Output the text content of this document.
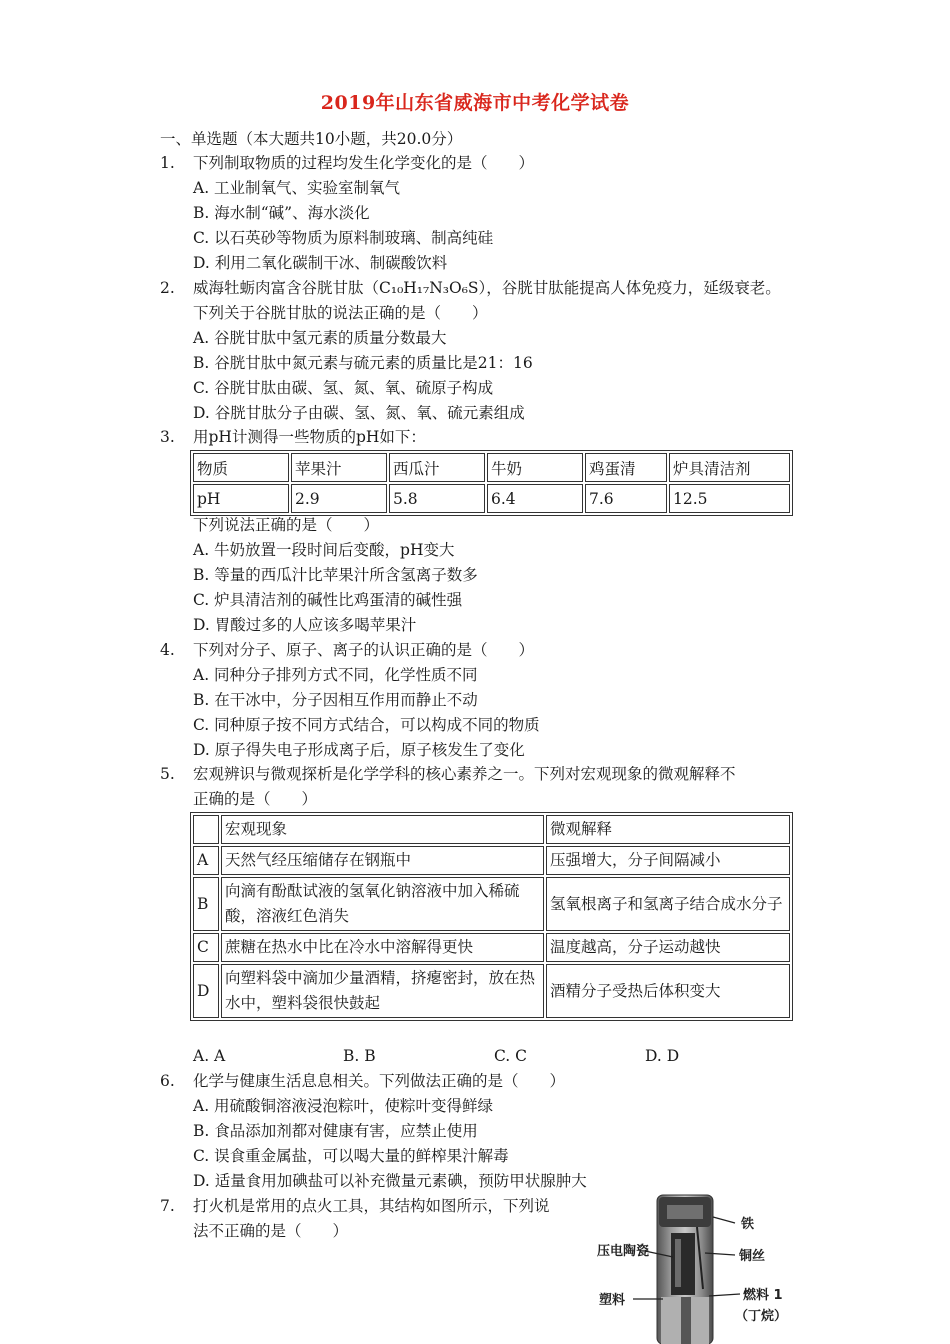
2019年山东省威海市中考化学试卷
一、单选题（本大题共10小题，共20.0分）
1. 下列制取物质的过程均发生化学变化的是（　　）
A. 工业制氧气、实验室制氧气
B. 海水制“碱”、海水淡化
C. 以石英砂等物质为原料制玻璃、制高纯硅
D. 利用二氧化碳制干冰、制碳酸饮料
2. 威海牡蛎肉富含谷胱甘肽（C₁₀H₁₇N₃O₆S），谷胱甘肽能提高人体免疫力，延级衰老。
下列关于谷胱甘肽的说法正确的是（　　）
A. 谷胱甘肽中氢元素的质量分数最大
B. 谷胱甘肽中氮元素与硫元素的质量比是21：16
C. 谷胱甘肽由碳、氢、氮、氧、硫原子构成
D. 谷胱甘肽分子由碳、氢、氮、氧、硫元素组成
3. 用pH计测得一些物质的pH如下：
物质	苹果汁	西瓜汁	牛奶	鸡蛋清	炉具清洁剂
pH	2.9	5.8	6.4	7.6	12.5
下列说法正确的是（　　）
A. 牛奶放置一段时间后变酸，pH变大
B. 等量的西瓜汁比苹果汁所含氢离子数多
C. 炉具清洁剂的碱性比鸡蛋清的碱性强
D. 胃酸过多的人应该多喝苹果汁
4. 下列对分子、原子、离子的认识正确的是（　　）
A. 同种分子排列方式不同，化学性质不同
B. 在干冰中，分子因相互作用而静止不动
C. 同种原子按不同方式结合，可以构成不同的物质
D. 原子得失电子形成离子后，原子核发生了变化
5. 宏观辨识与微观探析是化学学科的核心素养之一。下列对宏观现象的微观解释不
正确的是（　　）
	宏观现象	微观解释
A	天然气经压缩储存在钢瓶中	压强增大，分子间隔减小
B	向滴有酚酞试液的氢氧化钠溶液中加入稀硫酸，溶液红色消失	氢氧根离子和氢离子结合成水分子
C	蔗糖在热水中比在冷水中溶解得更快	温度越高，分子运动越快
D	向塑料袋中滴加少量酒精，挤瘪密封，放在热
水中，塑料袋很快鼓起	酒精分子受热后体积变大
A. A	B. B	C. C	D. D
6. 化学与健康生活息息相关。下列做法正确的是（　　）
A. 用硫酸铜溶液浸泡粽叶，使粽叶变得鲜绿
B. 食品添加剂都对健康有害，应禁止使用
C. 误食重金属盐，可以喝大量的鲜榨果汁解毒
D. 适量食用加碘盐可以补充微量元素碘，预防甲状腺肿大
7. 打火机是常用的点火工具，其结构如图所示，下列说
法不正确的是（　　）	铁
铜丝
压电陶瓷
燃料 1
（丁烷）
塑料
